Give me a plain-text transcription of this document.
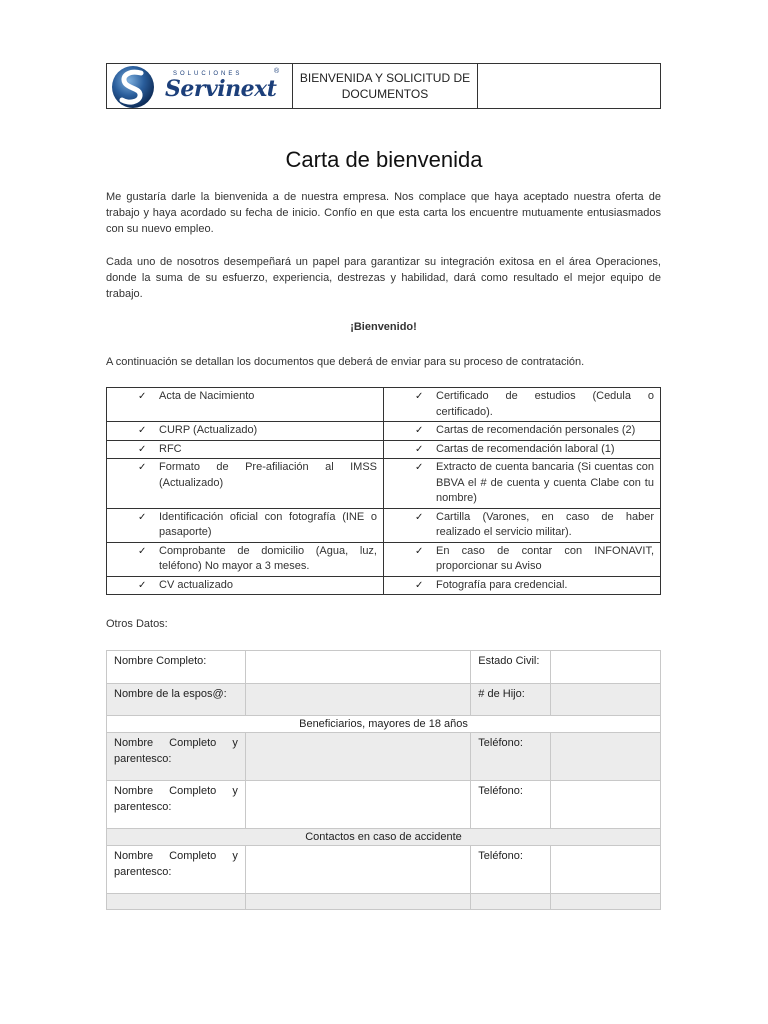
SOLUCIONES
Servinext
®	BIENVENIDA Y SOLICITUD DE DOCUMENTOS
Carta de bienvenida

Me gustaría darle la bienvenida a de nuestra empresa. Nos complace que haya aceptado nuestra oferta de trabajo y haya acordado su fecha de inicio. Confío en que esta carta los encuentre mutuamente entusiasmados con su nuevo empleo.

Cada uno de nosotros desempeñará un papel para garantizar su integración exitosa en el área Operaciones, donde la suma de su esfuerzo, experiencia, destrezas y habilidad, dará como resultado el mejor equipo de trabajo.

¡Bienvenido!

A continuación se detallan los documentos que deberá de enviar para su proceso de contratación.

✓ Acta de Nacimiento	✓ Certificado de estudios (Cedula o certificado).

✓ CURP (Actualizado)	✓ Cartas de recomendación personales (2)

✓ RFC	✓ Cartas de recomendación laboral (1)

✓ Formato de Pre-afiliación al IMSS (Actualizado)	✓ Extracto de cuenta bancaria (Si cuentas con BBVA el # de cuenta y cuenta Clabe con tu nombre)

✓ Identificación oficial con fotografía (INE o pasaporte)	✓ Cartilla (Varones, en caso de haber realizado el servicio militar).

✓ Comprobante de domicilio (Agua, luz, teléfono) No mayor a 3 meses.	✓ En caso de contar con INFONAVIT, proporcionar su Aviso

✓ CV actualizado	✓ Fotografía para credencial.
Otros Datos:
Nombre Completo:		Estado Civil:	
Nombre de la espos@:		# de Hijo:	
Beneficiarios, mayores de 18 años			
Nombre Completo y parentesco:		Teléfono:	
Nombre Completo y parentesco:		Teléfono:	
Contactos en caso de accidente			
Nombre Completo y parentesco:		Teléfono:	
